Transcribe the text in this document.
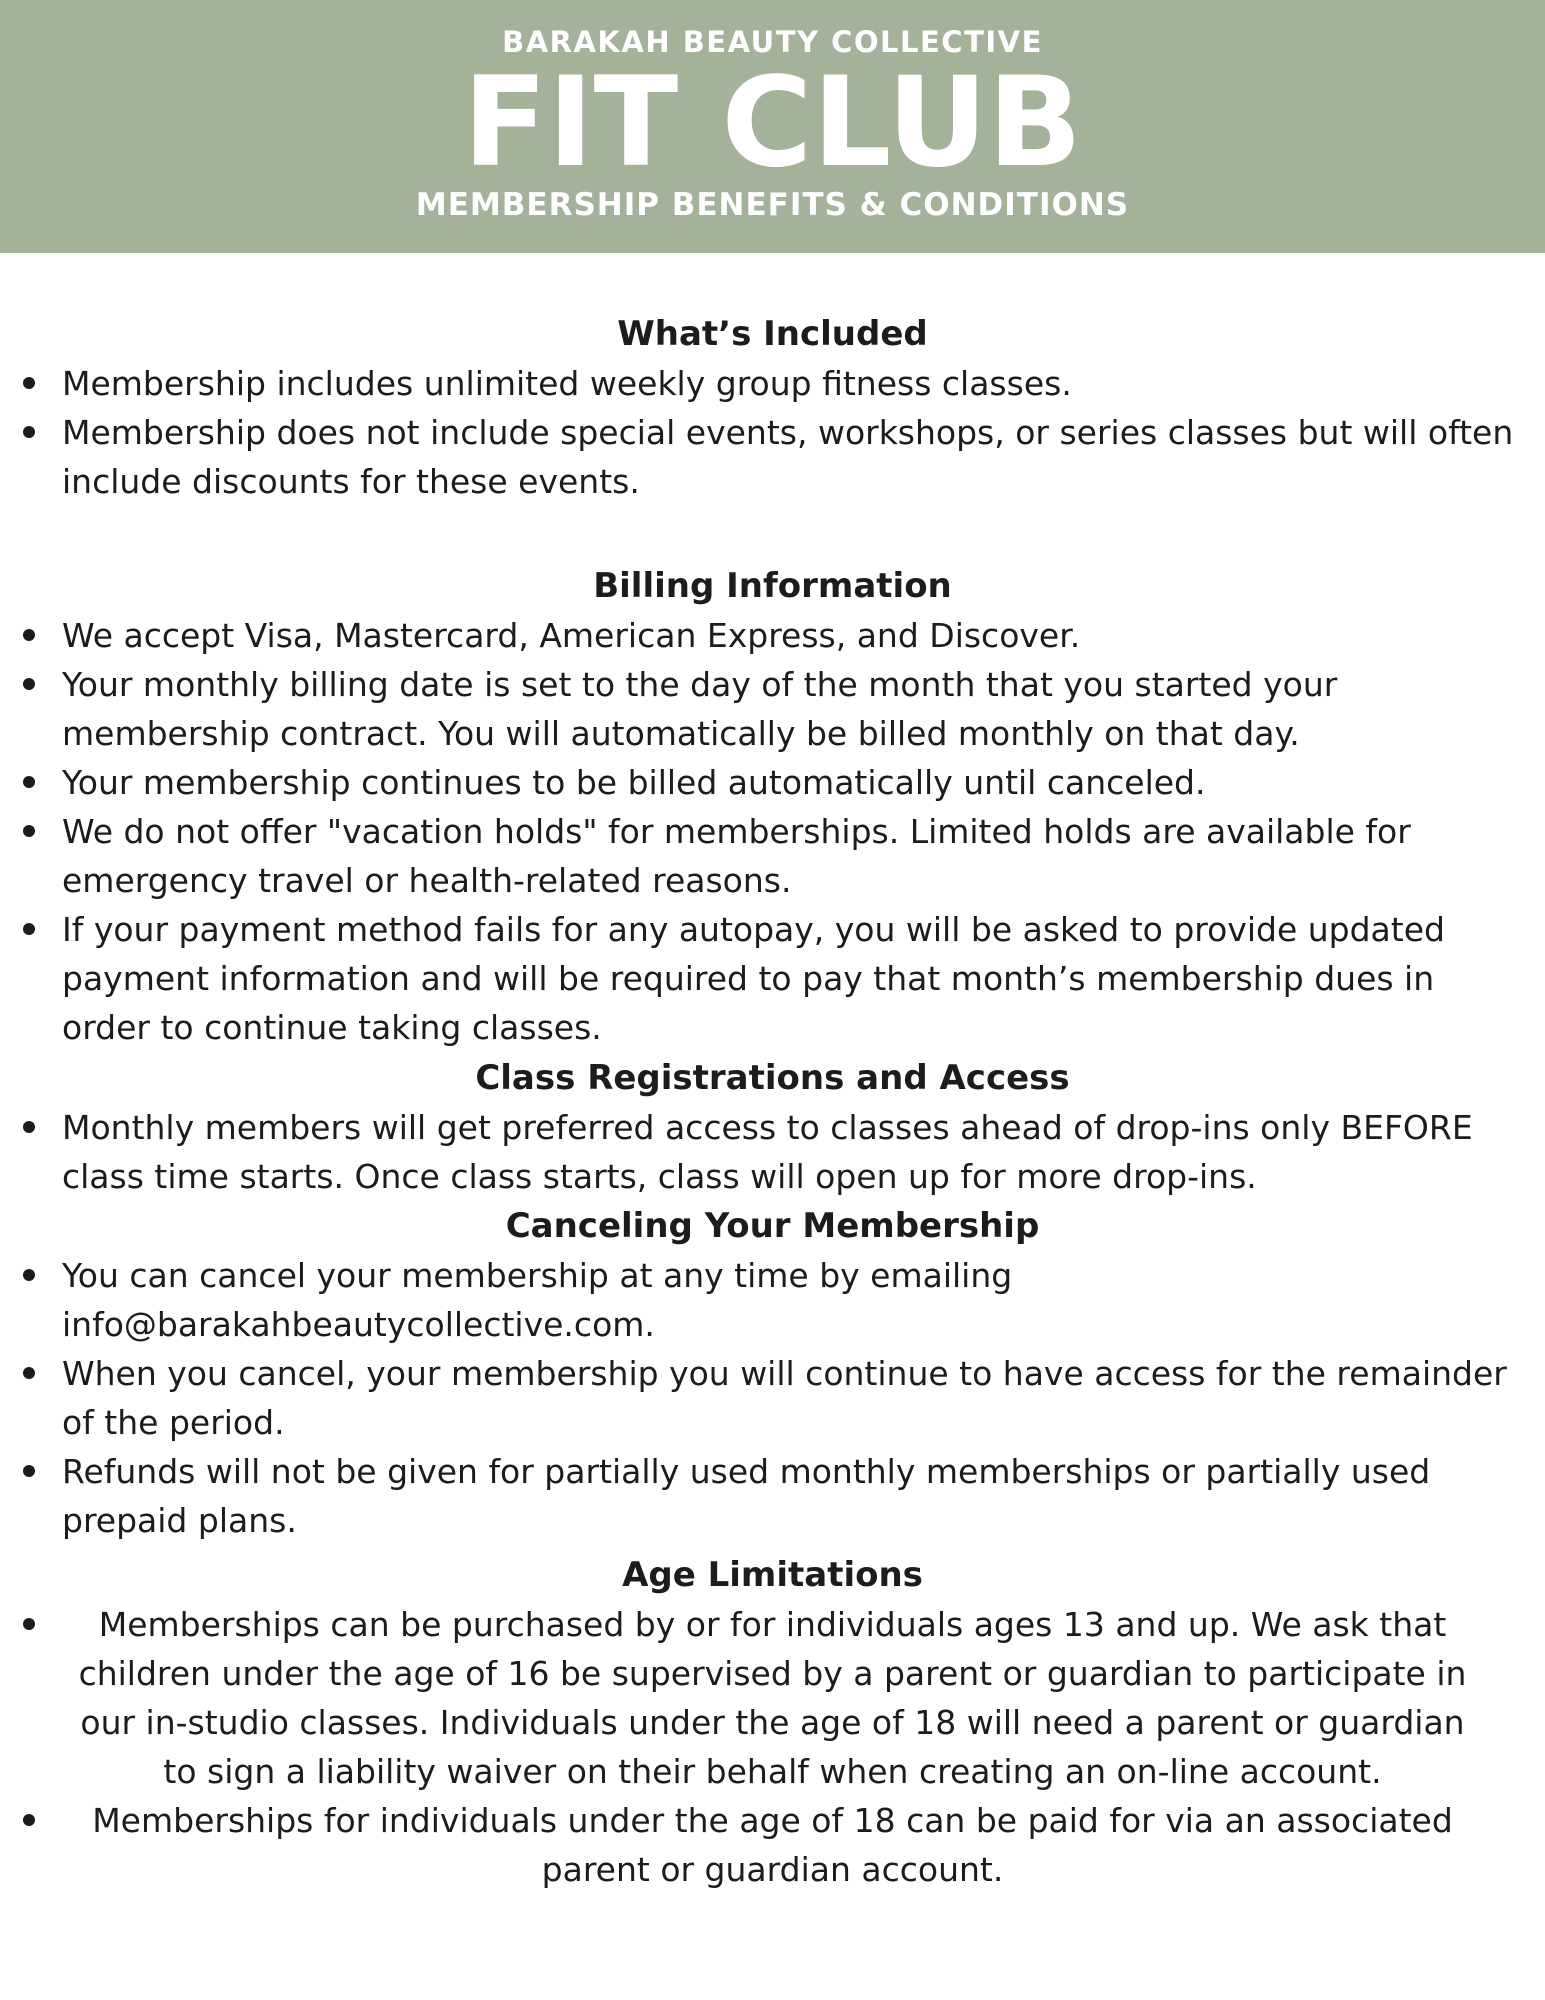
BARAKAH BEAUTY COLLECTIVE
FIT CLUB
MEMBERSHIP BENEFITS & CONDITIONS
What’s Included
Membership includes unlimited weekly group fitness classes.
Membership does not include special events, workshops, or series classes but will often include discounts for these events.
Billing Information
We accept Visa, Mastercard, American Express, and Discover.
Your monthly billing date is set to the day of the month that you started your membership contract. You will automatically be billed monthly on that day.
Your membership continues to be billed automatically until canceled.
We do not offer "vacation holds" for memberships. Limited holds are available for emergency travel or health-related reasons.
If your payment method fails for any autopay, you will be asked to provide updated payment information and will be required to pay that month’s membership dues in order to continue taking classes.
Class Registrations and Access
Monthly members will get preferred access to classes ahead of drop-ins only BEFORE class time starts. Once class starts, class will open up for more drop-ins.
Canceling Your Membership
You can cancel your membership at any time by emailing info@barakahbeautycollective.com.
When you cancel, your membership you will continue to have access for the remainder of the period.
Refunds will not be given for partially used monthly memberships or partially used prepaid plans.
Age Limitations
Memberships can be purchased by or for individuals ages 13 and up. We ask that children under the age of 16 be supervised by a parent or guardian to participate in our in-studio classes. Individuals under the age of 18 will need a parent or guardian to sign a liability waiver on their behalf when creating an on-line account.
Memberships for individuals under the age of 18 can be paid for via an associated parent or guardian account.
